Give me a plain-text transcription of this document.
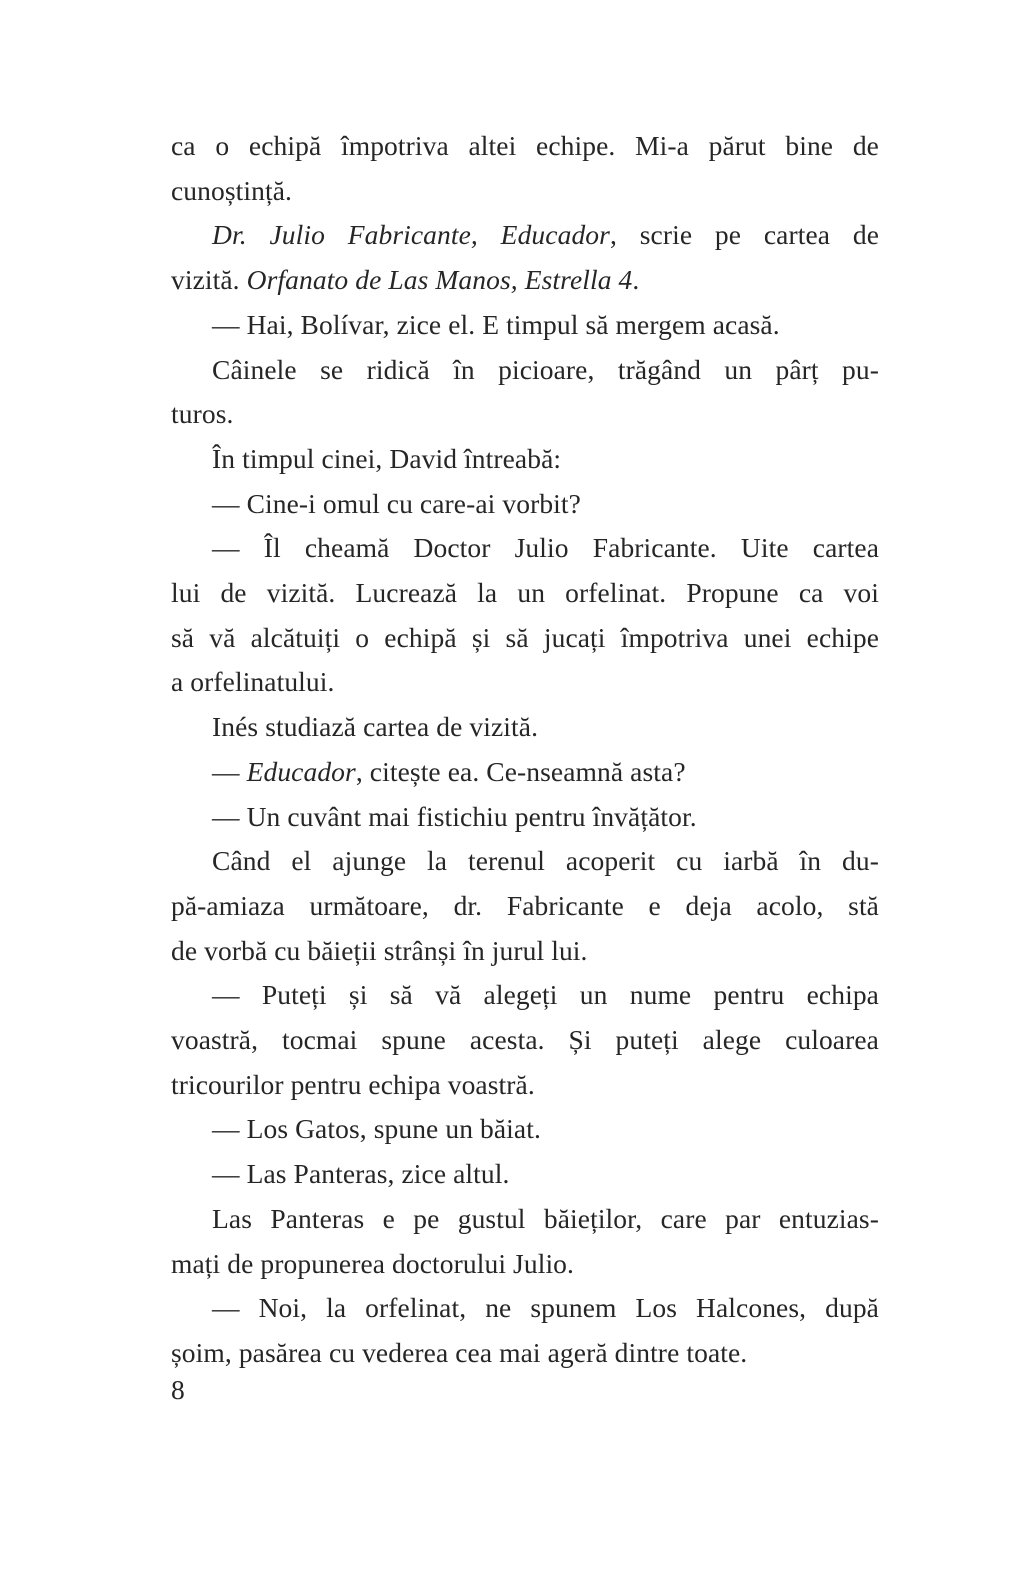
ca o echipă împotriva altei echipe. Mi-a părut bine de
cunoștință.
Dr. Julio Fabricante, Educador, scrie pe cartea de
vizită. Orfanato de Las Manos, Estrella 4.
— Hai, Bolívar, zice el. E timpul să mergem acasă.
Câinele se ridică în picioare, trăgând un pârț pu-
turos.
În timpul cinei, David întreabă:
— Cine-i omul cu care-ai vorbit?
— Îl cheamă Doctor Julio Fabricante. Uite cartea
lui de vizită. Lucrează la un orfelinat. Propune ca voi
să vă alcătuiți o echipă și să jucați împotriva unei echipe
a orfelinatului.
Inés studiază cartea de vizită.
— Educador, citește ea. Ce-nseamnă asta?
— Un cuvânt mai fistichiu pentru învățător.
Când el ajunge la terenul acoperit cu iarbă în du-
pă-amiaza următoare, dr. Fabricante e deja acolo, stă
de vorbă cu băieții strânși în jurul lui.
— Puteți și să vă alegeți un nume pentru echipa
voastră, tocmai spune acesta. Și puteți alege culoarea
tricourilor pentru echipa voastră.
— Los Gatos, spune un băiat.
— Las Panteras, zice altul.
Las Panteras e pe gustul băieților, care par entuzias-
mați de propunerea doctorului Julio.
— Noi, la orfelinat, ne spunem Los Halcones, după
șoim, pasărea cu vederea cea mai ageră dintre toate.
8
